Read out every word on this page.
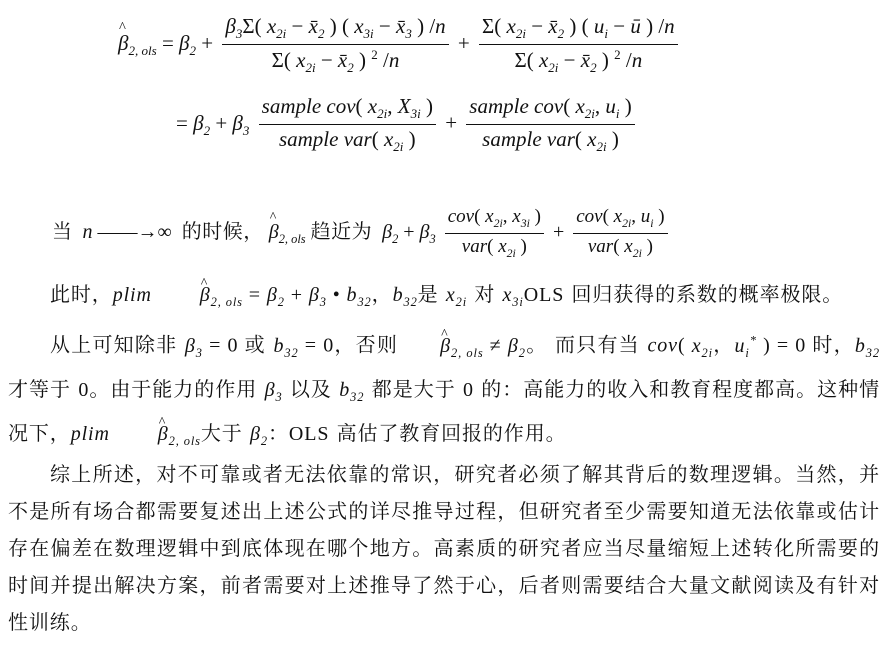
^ $\beta_{2, ols} = \beta_2 + \frac{\beta_3\Sigma( x_{2i} - x̄_2 ) ( x_{3i} - x̄_3 ) /n}{\Sigma( x_{2i} - x̄_2 ) ^2 /n} + \frac{\Sigma( x_{2i} - x̄_2 ) ( u_i - ū ) /n}{\Sigma( x_{2i} - x̄_2 ) ^2 /n}$
= $\beta_2 + \beta_3 \frac{sample cov( x_{2i}, X_{3i} )}{sample var( x_{2i} )} + \frac{sample cov( x_{2i}, u_i )}{sample var( x_{2i} )}$
当  n ——→∞ 的时候， ^ $\beta_{2, ols}$ 趋近为  $\beta_2 + \beta_3 \frac{cov( x_{2i}, x_{3i} )}{var( x_{2i} )} + \frac{cov( x_{2i}, u_i )}{var( x_{2i} )}$
此时，plim ^ $\beta_{2, ols} = \beta_2 + \beta_3$ • $b_{32}$，$b_{32}$是 $x_{2i}$ 对 $x_{3i}OLS$ 回归获得的系数的概率极限。
从上可知除非 $\beta_3 = 0$ 或 $b_{32} = 0$，否则 ^ $\beta_{2, ols} \ne \beta_2$。 而只有当 cov( $x_{2i}$，$u_i^*$ ) = 0 时，$b_{32}$才等于 0。由于能力的作用 $\beta_3$ 以及 $b_{32}$ 都是大于 0 的：高能力的收入和教育程度都高。这种情况下，plim ^ $\beta_{2, ols}$大于 $\beta_2$：OLS 高估了教育回报的作用。
综上所述，对不可靠或者无法依靠的常识，研究者必须了解其背后的数理逻辑。当然，并不是所有场合都需要复述出上述公式的详尽推导过程，但研究者至少需要知道无法依靠或估计存在偏差在数理逻辑中到底体现在哪个地方。高素质的研究者应当尽量缩短上述转化所需要的时间并提出解决方案，前者需要对上述推导了然于心，后者则需要结合大量文献阅读及有针对性训练。
